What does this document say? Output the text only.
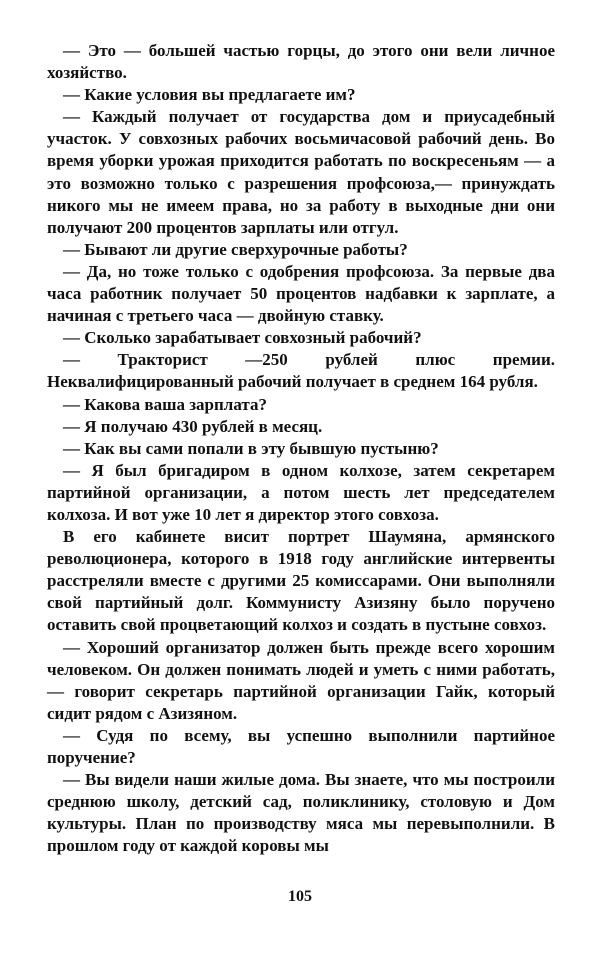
— Это — большей частью горцы, до этого они вели личное хозяйство.

— Какие условия вы предлагаете им?

— Каждый получает от государства дом и приусадебный участок. У совхозных рабочих восьмичасовой рабочий день. Во время уборки урожая приходится работать по воскресеньям — а это возможно только с разрешения профсоюза,— принуждать никого мы не имеем права, но за работу в выходные дни они получают 200 процентов зарплаты или отгул.

— Бывают ли другие сверхурочные работы?

— Да, но тоже только с одобрения профсоюза. За первые два часа работник получает 50 процентов надбавки к зарплате, а начиная с третьего часа — двойную ставку.

— Сколько зарабатывает совхозный рабочий?

— Тракторист —250 рублей плюс премии. Неквалифицированный рабочий получает в среднем 164 рубля.

— Какова ваша зарплата?

— Я получаю 430 рублей в месяц.

— Как вы сами попали в эту бывшую пустыню?

— Я был бригадиром в одном колхозе, затем секретарем партийной организации, а потом шесть лет председателем колхоза. И вот уже 10 лет я директор этого совхоза.

В его кабинете висит портрет Шаумяна, армянского революционера, которого в 1918 году английские интервенты расстреляли вместе с другими 25 комиссарами. Они выполняли свой партийный долг. Коммунисту Азизяну было поручено оставить свой процветающий колхоз и создать в пустыне совхоз.

— Хороший организатор должен быть прежде всего хорошим человеком. Он должен понимать людей и уметь с ними работать,— говорит секретарь партийной организации Гайк, который сидит рядом с Азизяном.

— Судя по всему, вы успешно выполнили партийное поручение?

— Вы видели наши жилые дома. Вы знаете, что мы построили среднюю школу, детский сад, поликлинику, столовую и Дом культуры. План по производству мяса мы перевыполнили. В прошлом году от каждой коровы мы

105
